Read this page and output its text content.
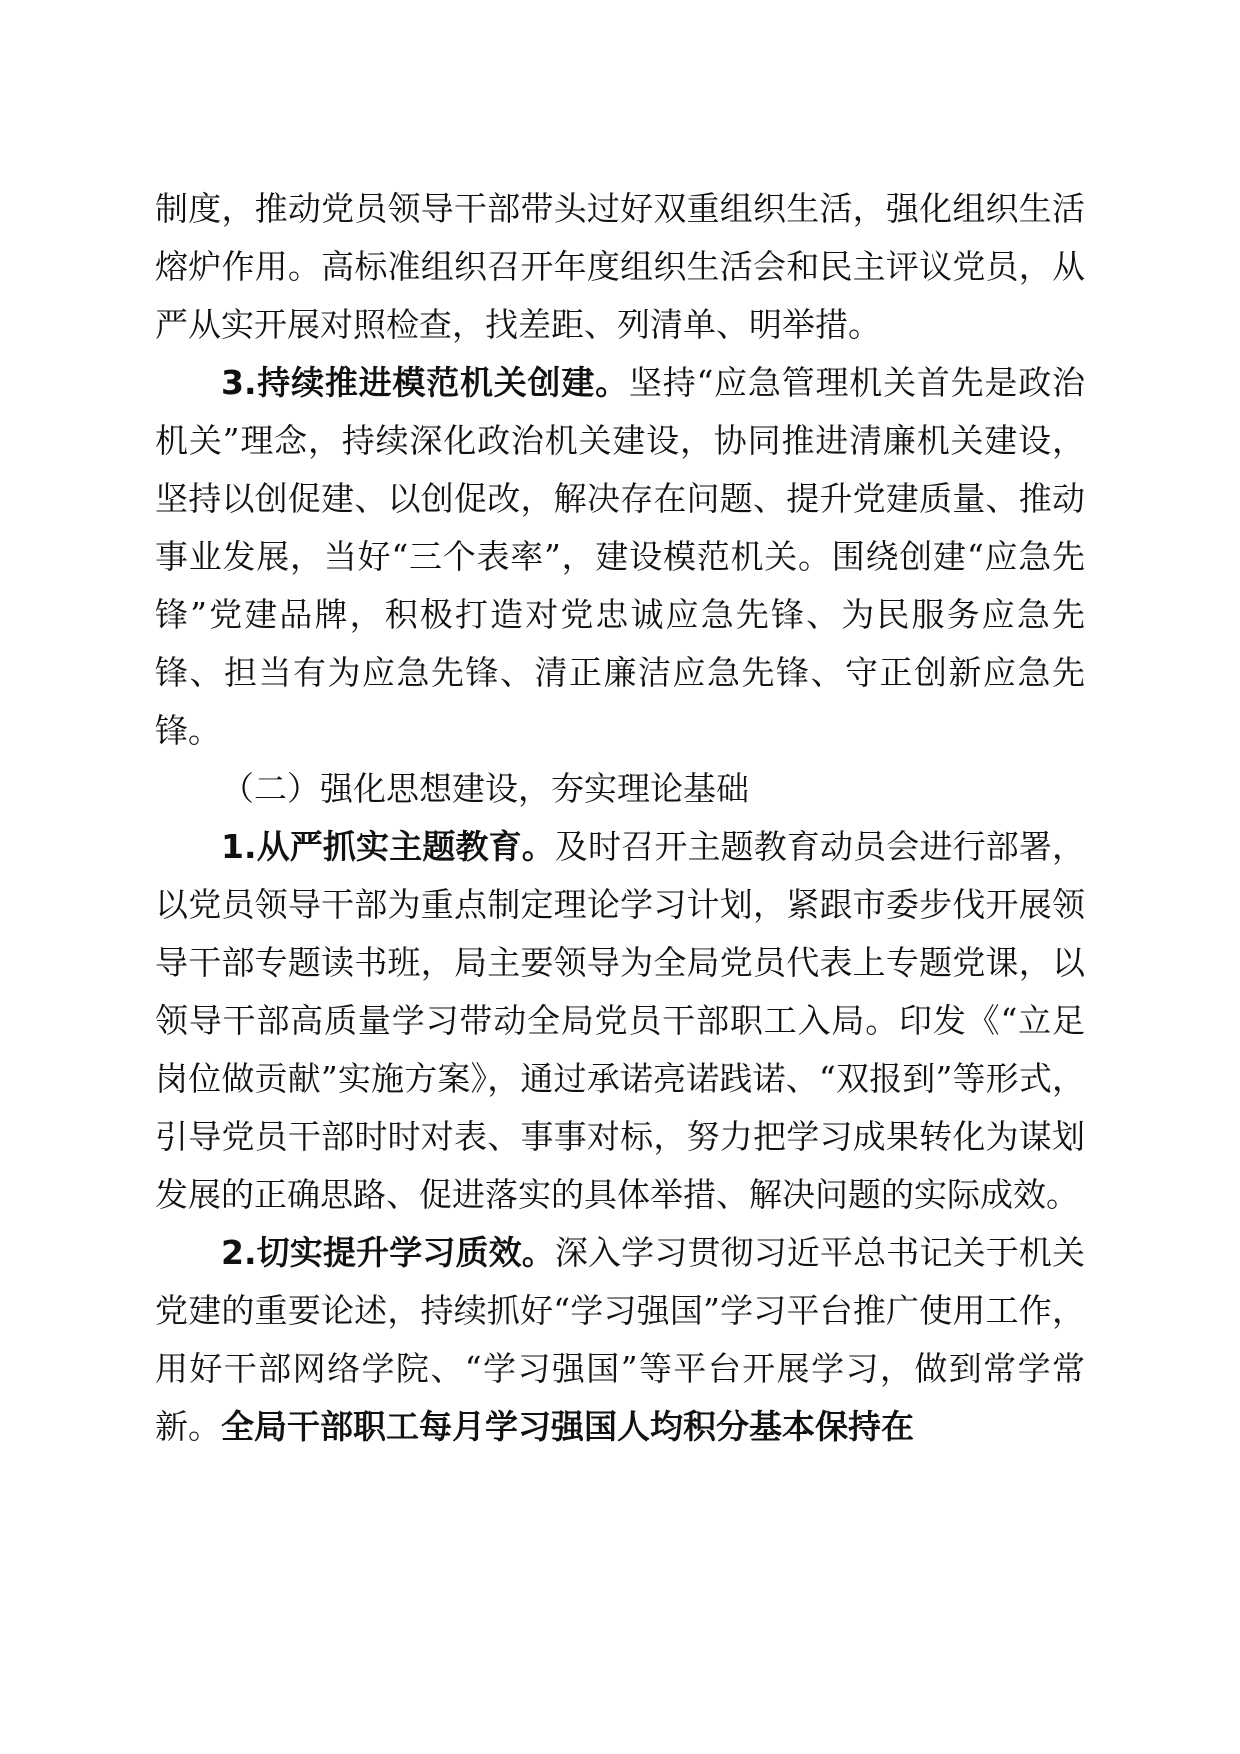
制度，推动党员领导干部带头过好双重组织生活，强化组织生活熔炉作用。高标准组织召开年度组织生活会和民主评议党员，从严从实开展对照检查，找差距、列清单、明举措。

3.持续推进模范机关创建。坚持“应急管理机关首先是政治机关”理念，持续深化政治机关建设，协同推进清廉机关建设，坚持以创促建、以创促改，解决存在问题、提升党建质量、推动事业发展，当好“三个表率”，建设模范机关。围绕创建“应急先锋”党建品牌，积极打造对党忠诚应急先锋、为民服务应急先锋、担当有为应急先锋、清正廉洁应急先锋、守正创新应急先锋。

（二）强化思想建设，夯实理论基础

1.从严抓实主题教育。及时召开主题教育动员会进行部署，以党员领导干部为重点制定理论学习计划，紧跟市委步伐开展领导干部专题读书班，局主要领导为全局党员代表上专题党课，以领导干部高质量学习带动全局党员干部职工入局。印发《“立足岗位做贡献”实施方案》，通过承诺亮诺践诺、“双报到”等形式，引导党员干部时时对表、事事对标，努力把学习成果转化为谋划发展的正确思路、促进落实的具体举措、解决问题的实际成效。

2.切实提升学习质效。深入学习贯彻习近平总书记关于机关党建的重要论述，持续抓好“学习强国”学习平台推广使用工作，用好干部网络学院、“学习强国”等平台开展学习，做到常学常新。全局干部职工每月学习强国人均积分基本保持在
